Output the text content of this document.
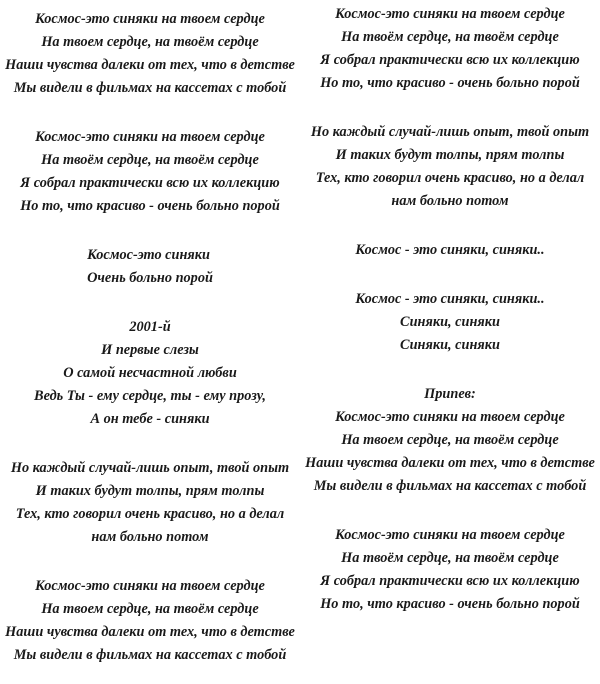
Космос-это синяки на твоем сердце
На твоем сердце, на твоём сердце
Наши чувства далеки от тех, что в детстве
Мы видели в фильмах на кассетах с тобой
Космос-это синяки на твоем сердце
На твоём сердце, на твоём сердце
Я собрал практически всю их коллекцию
Но то, что красиво - очень больно порой
Космос-это синяки
Очень больно порой
2001-й
И первые слезы
О самой несчастной любви
Ведь Ты - ему сердце, ты - ему прозу,
А он тебе - синяки
Но каждый случай-лишь опыт, твой опыт
И таких будут толпы, прям толпы
Тех, кто говорил очень красиво, но а делал нам больно потом
Космос-это синяки на твоем сердце
На твоем сердце, на твоём сердце
Наши чувства далеки от тех, что в детстве
Мы видели в фильмах на кассетах с тобой
Космос-это синяки на твоем сердце
На твоём сердце, на твоём сердце
Я собрал практически всю их коллекцию
Но то, что красиво - очень больно порой
Но каждый случай-лишь опыт, твой опыт
И таких будут толпы, прям толпы
Тех, кто говорил очень красиво, но а делал нам больно потом
Космос - это синяки, синяки..
Космос - это синяки, синяки..
Синяки, синяки
Синяки, синяки
Припев:
Космос-это синяки на твоем сердце
На твоем сердце, на твоём сердце
Наши чувства далеки от тех, что в детстве
Мы видели в фильмах на кассетах с тобой
Космос-это синяки на твоем сердце
На твоём сердце, на твоём сердце
Я собрал практически всю их коллекцию
Но то, что красиво - очень больно порой
